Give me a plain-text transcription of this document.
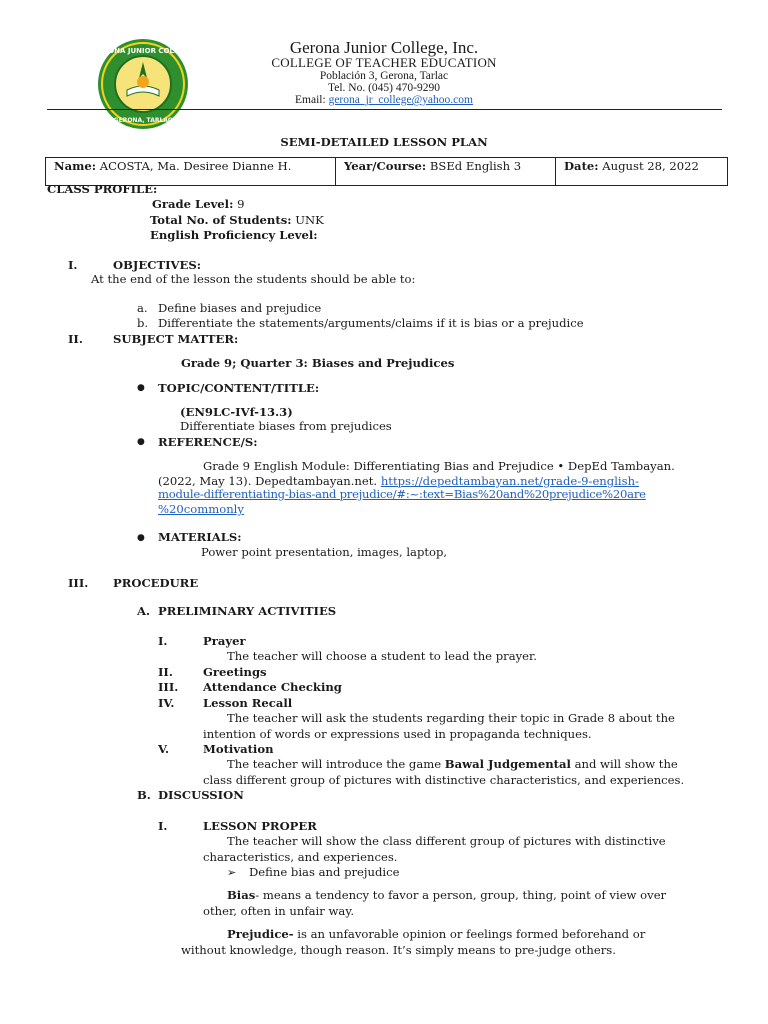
GERONA JUNIOR COLLEGE
GERONA, TARLAC
Gerona Junior College, Inc.
COLLEGE OF TEACHER EDUCATION
Población 3, Gerona, Tarlac
Tel. No. (045) 470-9290
Email: gerona_jr_college@yahoo.com
SEMI-DETAILED LESSON PLAN
Name: ACOSTA, Ma. Desiree Dianne H.	Year/Course: BSEd English 3	Date: August 28, 2022
CLASS PROFILE:
Grade Level: 9
Total No. of Students: UNK
English Proficiency Level:
I.	OBJECTIVES:
At the end of the lesson the students should be able to:
a. Define biases and prejudice
b. Differentiate the statements/arguments/claims if it is bias or a prejudice
II.	SUBJECT MATTER:
Grade 9; Quarter 3: Biases and Prejudices
● TOPIC/CONTENT/TITLE:
(EN9LC-IVf-13.3)
Differentiate biases from prejudices
● REFERENCE/S:
Grade 9 English Module: Differentiating Bias and Prejudice • DepEd Tambayan.
(2022, May 13). Depedtambayan.net. https://depedtambayan.net/grade-9-english-
module-differentiating-bias-and prejudice/#:~:text=Bias%20and%20prejudice%20are
%20commonly
● MATERIALS:
Power point presentation, images, laptop,
III. PROCEDURE
A. PRELIMINARY ACTIVITIES
I.	Prayer
The teacher will choose a student to lead the prayer.
II.	Greetings
III. Attendance Checking
IV. Lesson Recall
The teacher will ask the students regarding their topic in Grade 8 about the
intention of words or expressions used in propaganda techniques.
V.	Motivation
The teacher will introduce the game Bawal Judgemental and will show the
class different group of pictures with distinctive characteristics, and experiences.
B. DISCUSSION
I.	LESSON PROPER
The teacher will show the class different group of pictures with distinctive
characteristics, and experiences.
➢ Define bias and prejudice
Bias- means a tendency to favor a person, group, thing, point of view over
other, often in unfair way.
Prejudice- is an unfavorable opinion or feelings formed beforehand or
without knowledge, though reason. It’s simply means to pre-judge others.
